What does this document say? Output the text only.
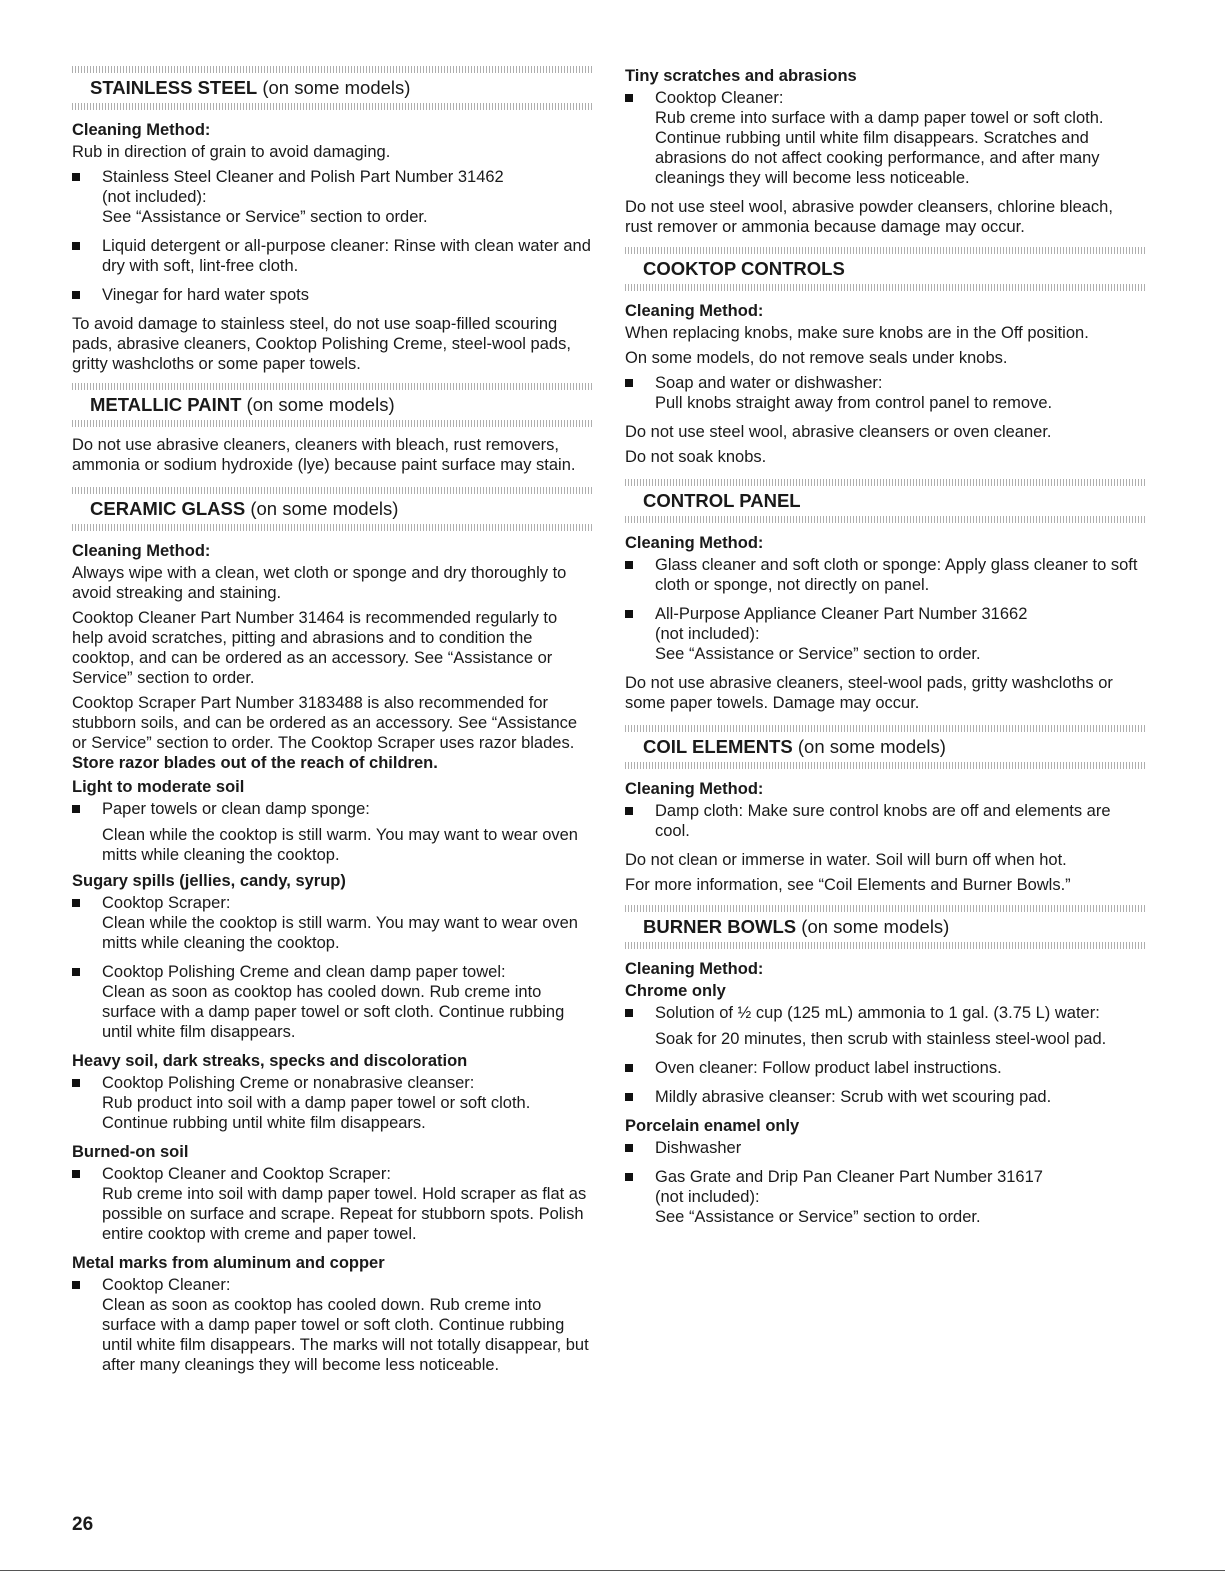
STAINLESS STEEL (on some models)
Cleaning Method:

Rub in direction of grain to avoid damaging.

Stainless Steel Cleaner and Polish Part Number 31462
(not included):
See “Assistance or Service” section to order.
Liquid detergent or all-purpose cleaner: Rinse with clean water and dry with soft, lint-free cloth.
Vinegar for hard water spots

To avoid damage to stainless steel, do not use soap-filled scouring pads, abrasive cleaners, Cooktop Polishing Creme, steel-wool pads, gritty washcloths or some paper towels.

METALLIC PAINT (on some models)

Do not use abrasive cleaners, cleaners with bleach, rust removers, ammonia or sodium hydroxide (lye) because paint surface may stain.

CERAMIC GLASS (on some models)
Cleaning Method:

Always wipe with a clean, wet cloth or sponge and dry thoroughly to avoid streaking and staining.

Cooktop Cleaner Part Number 31464 is recommended regularly to help avoid scratches, pitting and abrasions and to condition the cooktop, and can be ordered as an accessory. See “Assistance or Service” section to order.

Cooktop Scraper Part Number 3183488 is also recommended for stubborn soils, and can be ordered as an accessory. See “Assistance or Service” section to order. The Cooktop Scraper uses razor blades. Store razor blades out of the reach of children.

Light to moderate soil
Paper towels or clean damp sponge:

Clean while the cooktop is still warm. You may want to wear oven mitts while cleaning the cooktop.

Sugary spills (jellies, candy, syrup)
Cooktop Scraper:
Clean while the cooktop is still warm. You may want to wear oven mitts while cleaning the cooktop.
Cooktop Polishing Creme and clean damp paper towel:
Clean as soon as cooktop has cooled down. Rub creme into surface with a damp paper towel or soft cloth. Continue rubbing until white film disappears.
Heavy soil, dark streaks, specks and discoloration
Cooktop Polishing Creme or nonabrasive cleanser:
Rub product into soil with a damp paper towel or soft cloth. Continue rubbing until white film disappears.
Burned-on soil
Cooktop Cleaner and Cooktop Scraper:
Rub creme into soil with damp paper towel. Hold scraper as flat as possible on surface and scrape. Repeat for stubborn spots. Polish entire cooktop with creme and paper towel.
Metal marks from aluminum and copper
Cooktop Cleaner:
Clean as soon as cooktop has cooled down. Rub creme into surface with a damp paper towel or soft cloth. Continue rubbing until white film disappears. The marks will not totally disappear, but after many cleanings they will become less noticeable.
Tiny scratches and abrasions
Cooktop Cleaner:
Rub creme into surface with a damp paper towel or soft cloth. Continue rubbing until white film disappears. Scratches and abrasions do not affect cooking performance, and after many cleanings they will become less noticeable.

Do not use steel wool, abrasive powder cleansers, chlorine bleach, rust remover or ammonia because damage may occur.

COOKTOP CONTROLS
Cleaning Method:

When replacing knobs, make sure knobs are in the Off position.

On some models, do not remove seals under knobs.

Soap and water or dishwasher:
Pull knobs straight away from control panel to remove.

Do not use steel wool, abrasive cleansers or oven cleaner.

Do not soak knobs.

CONTROL PANEL
Cleaning Method:
Glass cleaner and soft cloth or sponge: Apply glass cleaner to soft cloth or sponge, not directly on panel.
All-Purpose Appliance Cleaner Part Number 31662
(not included):
See “Assistance or Service” section to order.

Do not use abrasive cleaners, steel-wool pads, gritty washcloths or some paper towels. Damage may occur.

COIL ELEMENTS (on some models)
Cleaning Method:
Damp cloth: Make sure control knobs are off and elements are cool.

Do not clean or immerse in water. Soil will burn off when hot.

For more information, see “Coil Elements and Burner Bowls.”

BURNER BOWLS (on some models)
Cleaning Method:
Chrome only
Solution of ½ cup (125 mL) ammonia to 1 gal. (3.75 L) water:

Soak for 20 minutes, then scrub with stainless steel-wool pad.

Oven cleaner: Follow product label instructions.
Mildly abrasive cleanser: Scrub with wet scouring pad.
Porcelain enamel only
Dishwasher
Gas Grate and Drip Pan Cleaner Part Number 31617
(not included):
See “Assistance or Service” section to order.
26
